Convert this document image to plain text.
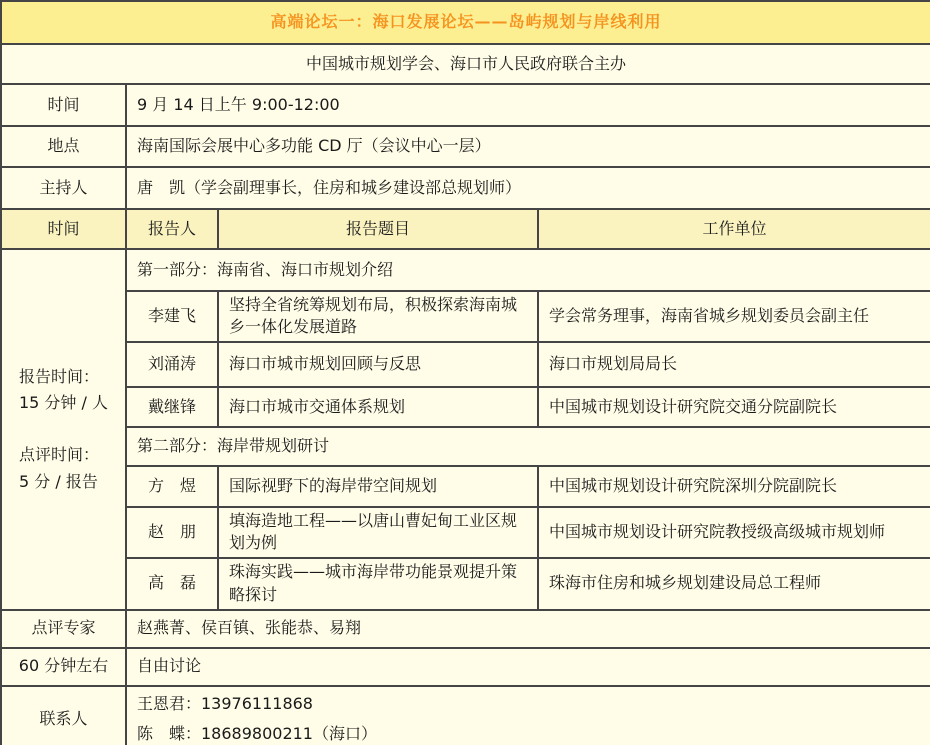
高端论坛一：海口发展论坛——岛屿规划与岸线利用			
中国城市规划学会、海口市人民政府联合主办			
时间	9 月 14 日上午 9:00-12:00		
地点	海南国际会展中心多功能 CD 厅（会议中心一层）		
主持人	唐　凯（学会副理事长，住房和城乡建设部总规划师）		
时间	报告人	报告题目	工作单位

报告时间：
15 分钟 / 人
点评时间：
5 分 / 报告	第一部分：海南省、海口市规划介绍		
	李建飞	坚持全省统筹规划布局，积极探索海南城乡一体化发展道路	学会常务理事，海南省城乡规划委员会副主任
	刘涌涛	海口市城市规划回顾与反思	海口市规划局局长
	戴继锋	海口市城市交通体系规划	中国城市规划设计研究院交通分院副院长
	第二部分：海岸带规划研讨		
	方　煜	国际视野下的海岸带空间规划	中国城市规划设计研究院深圳分院副院长
	赵　朋	填海造地工程——以唐山曹妃甸工业区规划为例	中国城市规划设计研究院教授级高级城市规划师
	高　磊	珠海实践——城市海岸带功能景观提升策略探讨	珠海市住房和城乡规划建设局总工程师
点评专家	赵燕菁、侯百镇、张能恭、易翔		
60 分钟左右	自由讨论		
联系人	王恩君：13976111868
陈　蝶：18689800211（海口）		
